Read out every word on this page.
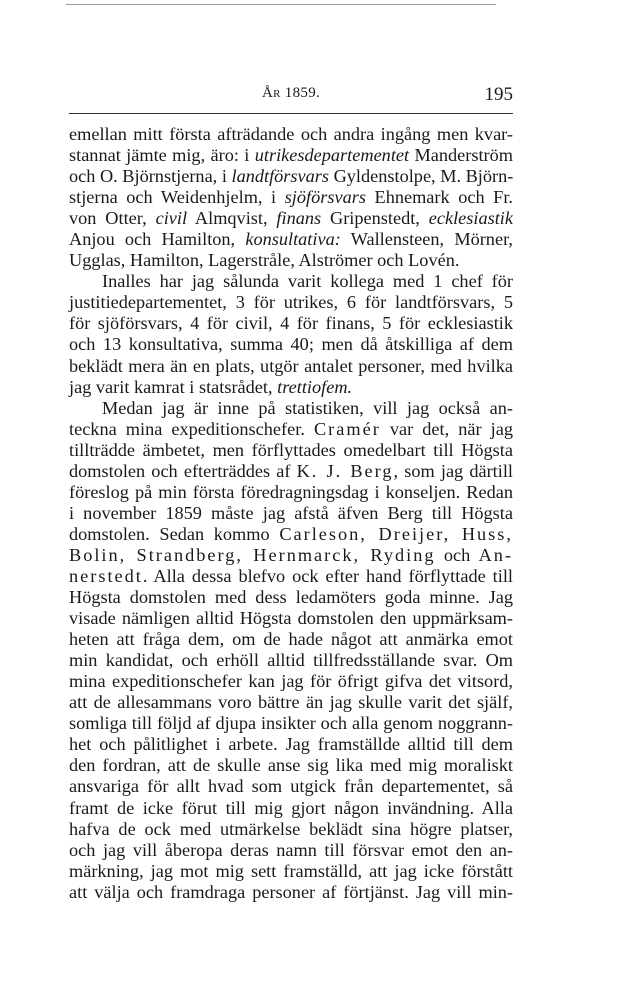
År 1859.	195
emellan mitt första afträdande och andra ingång men kvar-
stannat jämte mig, äro: i utrikesdepartementet Manderström
och O. Björnstjerna, i landtförsvars Gyldenstolpe, M. Björn-
stjerna och Weidenhjelm, i sjöförsvars Ehnemark och Fr.
von Otter, civil Almqvist, finans Gripenstedt, ecklesiastik
Anjou och Hamilton, konsultativa: Wallensteen, Mörner,
Ugglas, Hamilton, Lagerstråle, Alströmer och Lovén.
Inalles har jag sålunda varit kollega med 1 chef för
justitiedepartementet, 3 för utrikes, 6 för landtförsvars, 5
för sjöförsvars, 4 för civil, 4 för finans, 5 för ecklesiastik
och 13 konsultativa, summa 40; men då åtskilliga af dem
beklädt mera än en plats, utgör antalet personer, med hvilka
jag varit kamrat i statsrådet, trettiofem.
Medan jag är inne på statistiken, vill jag också an-
teckna mina expeditionschefer. Cramér var det, när jag
tillträdde ämbetet, men förflyttades omedelbart till Högsta
domstolen och efterträddes af K. J. Berg, som jag därtill
föreslog på min första föredragningsdag i konseljen. Redan
i november 1859 måste jag afstå äfven Berg till Högsta
domstolen. Sedan kommo Carleson, Dreijer, Huss,
Bolin, Strandberg, Hernmarck, Ryding och An-
nerstedt. Alla dessa blefvo ock efter hand förflyttade till
Högsta domstolen med dess ledamöters goda minne. Jag
visade nämligen alltid Högsta domstolen den uppmärksam-
heten att fråga dem, om de hade något att anmärka emot
min kandidat, och erhöll alltid tillfredsställande svar. Om
mina expeditionschefer kan jag för öfrigt gifva det vitsord,
att de allesammans voro bättre än jag skulle varit det själf,
somliga till följd af djupa insikter och alla genom noggrann-
het och pålitlighet i arbete. Jag framställde alltid till dem
den fordran, att de skulle anse sig lika med mig moraliskt
ansvariga för allt hvad som utgick från departementet, så
framt de icke förut till mig gjort någon invändning. Alla
hafva de ock med utmärkelse beklädt sina högre platser,
och jag vill åberopa deras namn till försvar emot den an-
märkning, jag mot mig sett framställd, att jag icke förstått
att välja och framdraga personer af förtjänst. Jag vill min-
